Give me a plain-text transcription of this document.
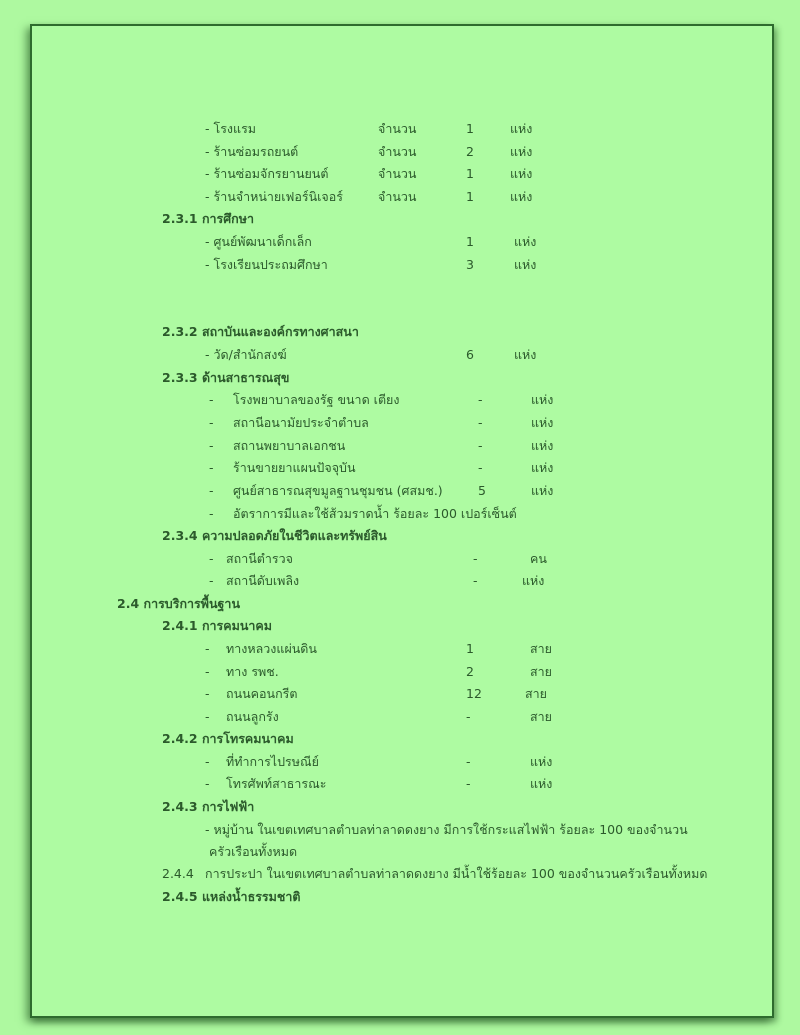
- โรงแรม	จำนวน	1	แห่ง
- ร้านซ่อมรถยนต์	จำนวน	2	แห่ง
- ร้านซ่อมจักรยานยนต์	จำนวน	1	แห่ง
- ร้านจำหน่ายเฟอร์นิเจอร์	จำนวน	1	แห่ง
2.3.1 การศึกษา
- ศูนย์พัฒนาเด็กเล็ก	1	แห่ง
- โรงเรียนประถมศึกษา	3	แห่ง
2.3.2 สถาบันและองค์กรทางศาสนา
- วัด/สำนักสงฆ์	6	แห่ง
2.3.3 ด้านสาธารณสุข
- โรงพยาบาลของรัฐ ขนาด เตียง	-	แห่ง
- สถานีอนามัยประจำตำบล	-	แห่ง
- สถานพยาบาลเอกชน	-	แห่ง
- ร้านขายยาแผนปัจจุบัน	-	แห่ง
- ศูนย์สาธารณสุขมูลฐานชุมชน (ศสมช.)	5	แห่ง
- อัตราการมีและใช้ส้วมราดน้ำ ร้อยละ 100 เปอร์เซ็นต์
2.3.4 ความปลอดภัยในชีวิตและทรัพย์สิน
- สถานีตำรวจ	-	คน
- สถานีดับเพลิง	-	แห่ง
2.4 การบริการพื้นฐาน
2.4.1 การคมนาคม
- ทางหลวงแผ่นดิน	1	สาย
- ทาง รพช.	2	สาย
- ถนนคอนกรีต	12	สาย
- ถนนลูกรัง	-	สาย
2.4.2 การโทรคมนาคม
- ที่ทำการไปรษณีย์	-	แห่ง
- โทรศัพท์สาธารณะ	-	แห่ง
2.4.3 การไฟฟ้า
- หมู่บ้าน ในเขตเทศบาลตำบลท่าลาดดงยาง มีการใช้กระแสไฟฟ้า ร้อยละ 100 ของจำนวน
ครัวเรือนทั้งหมด
2.4.4 การประปา ในเขตเทศบาลตำบลท่าลาดดงยาง มีน้ำใช้ร้อยละ 100 ของจำนวนครัวเรือนทั้งหมด
2.4.5 แหล่งน้ำธรรมชาติ
